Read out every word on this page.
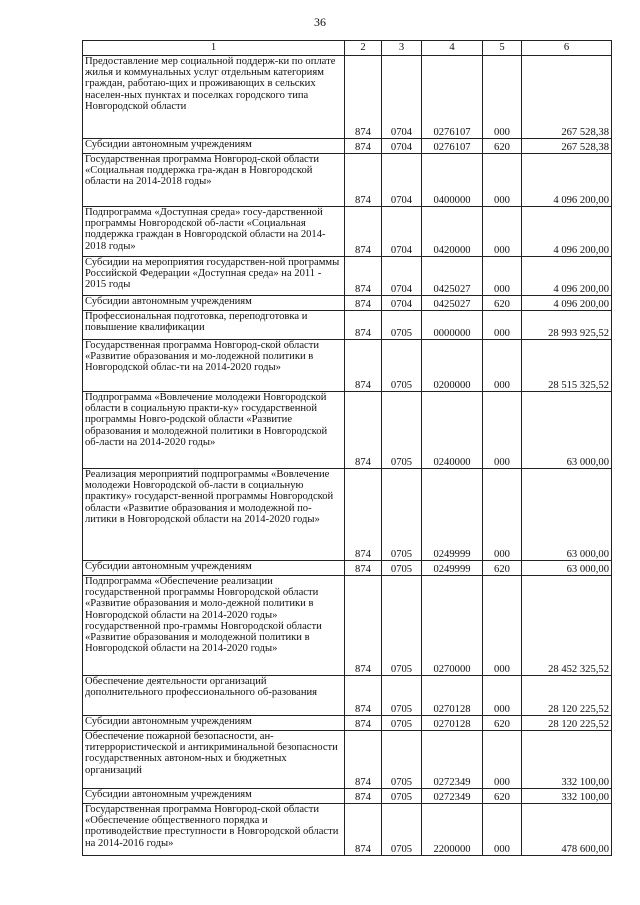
36
1	2	3	4	5	6
Предоставление мер социальной поддерж-ки по оплате жилья и коммунальных услуг отдельным категориям граждан, работаю-щих и проживающих в сельских населен-ных пунктах и поселках городского типа Новгородской области	874	0704	0276107	000	267 528,38
Субсидии автономным учреждениям	874	0704	0276107	620	267 528,38
Государственная программа Новгород-ской области «Социальная поддержка гра-ждан в Новгородской области на 2014-2018 годы»	874	0704	0400000	000	4 096 200,00
Подпрограмма «Доступная среда» госу-дарственной программы Новгородской об-ласти «Социальная поддержка граждан в Новгородской области на 2014-2018 годы»	874	0704	0420000	000	4 096 200,00
Субсидии на мероприятия государствен-ной программы Российской Федерации «Доступная среда» на 2011 - 2015 годы	874	0704	0425027	000	4 096 200,00
Субсидии автономным учреждениям	874	0704	0425027	620	4 096 200,00
Профессиональная подготовка, переподготовка и повышение квалификации	874	0705	0000000	000	28 993 925,52
Государственная программа Новгород-ской области «Развитие образования и мо-лодежной политики в Новгородской облас-ти на 2014-2020 годы»	874	0705	0200000	000	28 515 325,52
Подпрограмма «Вовлечение молодежи Новгородской области в социальную практи-ку» государственной программы Новго-родской области «Развитие образования и молодежной политики в Новгородской об-ласти на 2014-2020 годы»	874	0705	0240000	000	63 000,00
Реализация мероприятий подпрограммы «Вовлечение молодежи Новгородской об-ласти в социальную практику» государст-венной программы Новгородской области «Развитие образования и молодежной по-литики в Новгородской области на 2014-2020 годы»	874	0705	0249999	000	63 000,00
Субсидии автономным учреждениям	874	0705	0249999	620	63 000,00
Подпрограмма «Обеспечение реализации государственной программы Новгородской области «Развитие образования и моло-дежной политики в Новгородской области на 2014-2020 годы» государственной про-граммы Новгородской области «Развитие образования и молодежной политики в Новгородской области на 2014-2020 годы»	874	0705	0270000	000	28 452 325,52
Обеспечение деятельности организаций дополнительного профессионального об-разования	874	0705	0270128	000	28 120 225,52
Субсидии автономным учреждениям	874	0705	0270128	620	28 120 225,52
Обеспечение пожарной безопасности, ан-титеррористической и антикриминальной безопасности государственных автоном-ных и бюджетных организаций	874	0705	0272349	000	332 100,00
Субсидии автономным учреждениям	874	0705	0272349	620	332 100,00
Государственная программа Новгород-ской области «Обеспечение общественного порядка и противодействие преступности в Новгородской области на 2014-2016 годы»	874	0705	2200000	000	478 600,00
